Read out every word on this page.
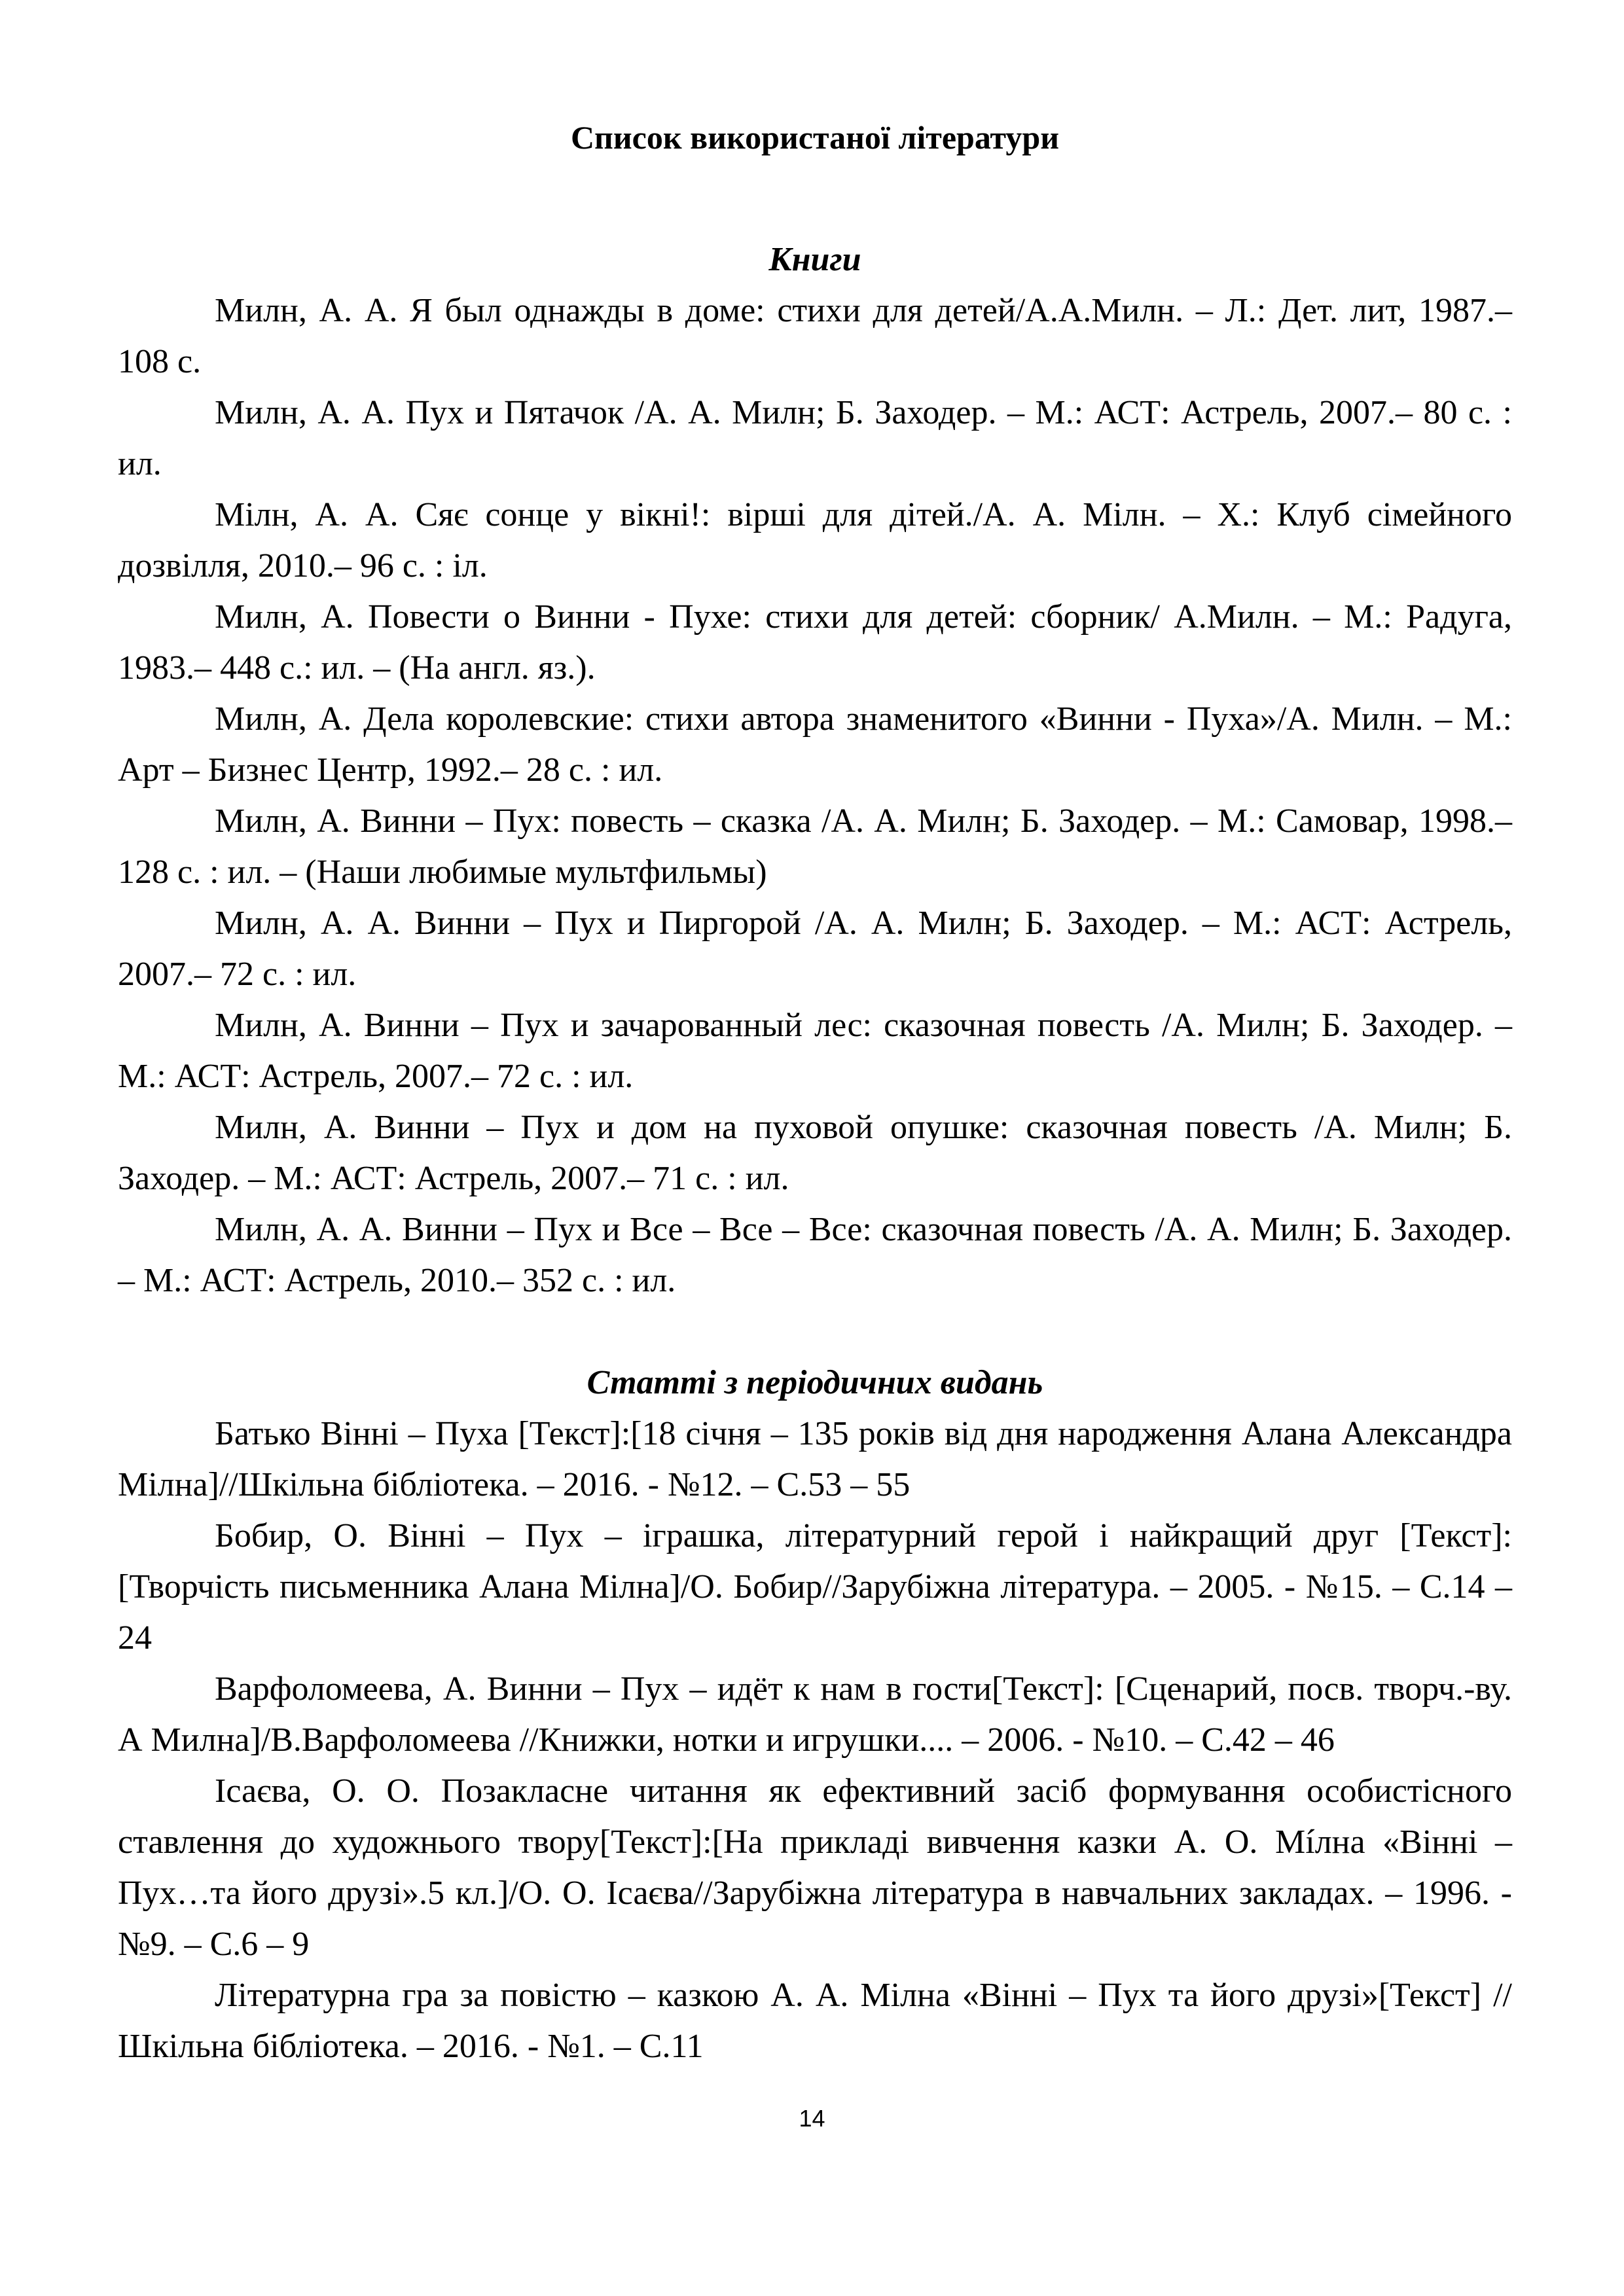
Список використаної літератури
Книги

Милн, А. А. Я был однажды в доме: стихи для детей/А.А.Милн. – Л.: Дет. лит, 1987.– 108 с.

Милн, А. А. Пух и Пятачок /А. А. Милн; Б. Заходер. – М.: АСТ: Астрель, 2007.– 80 с. : ил.

Мілн, А. А. Сяє сонце у вікні!: вірші для дітей./А. А. Мілн. – Х.: Клуб сімейного дозвілля, 2010.– 96 с. : іл.

Милн, А. Повести о Винни - Пухе: стихи для детей: сборник/ А.Милн. – М.: Радуга, 1983.– 448 с.: ил. – (На англ. яз.).

Милн, А. Дела королевские: стихи автора знаменитого «Винни - Пуха»/А. Милн. – М.: Арт – Бизнес Центр, 1992.– 28 с. : ил.

Милн, А. Винни – Пух: повесть – сказка /А. А. Милн; Б. Заходер. – М.: Самовар, 1998.– 128 с. : ил. – (Наши любимые мультфильмы)

Милн, А. А. Винни – Пух и Пиргорой /А. А. Милн; Б. Заходер. – М.: АСТ: Астрель, 2007.– 72 с. : ил.

Милн, А. Винни – Пух и зачарованный лес: сказочная повесть /А. Милн; Б. Заходер. – М.: АСТ: Астрель, 2007.– 72 с. : ил.

Милн, А. Винни – Пух и дом на пуховой опушке: сказочная повесть /А. Милн; Б. Заходер. – М.: АСТ: Астрель, 2007.– 71 с. : ил.

Милн, А. А. Винни – Пух и Все – Все – Все: сказочная повесть /А. А. Милн; Б. Заходер. – М.: АСТ: Астрель, 2010.– 352 с. : ил.

Статті з періодичних видань

Батько Вінні – Пуха [Текст]:[18 січня – 135 років від дня народження Алана Александра Мілна]//Шкільна бібліотека. – 2016. - №12. – С.53 – 55

Бобир, О. Вінні – Пух – іграшка, літературний герой і найкращий друг [Текст]:[Творчість письменника Алана Мілна]/О. Бобир//Зарубіжна література. – 2005. - №15. – С.14 – 24

Варфоломеева, А. Винни – Пух – идёт к нам в гости[Текст]: [Сценарий, посв. творч.-ву. А Милна]/В.Варфоломеева //Книжки, нотки и игрушки.... – 2006. - №10. – С.42 – 46

Ісаєва, О. О. Позакласне читання як ефективний засіб формування особистісного ставлення до художнього твору[Текст]:[На прикладі вивчення казки А. О. Мíлна «Вінні – Пух…та його друзі».5 кл.]/О. О. Ісаєва//Зарубіжна література в навчальних закладах. – 1996. - №9. – С.6 – 9

Літературна гра за повістю – казкою А. А. Мілна «Вінні – Пух та його друзі»[Текст] //Шкільна бібліотека. – 2016. - №1. – С.11

14
